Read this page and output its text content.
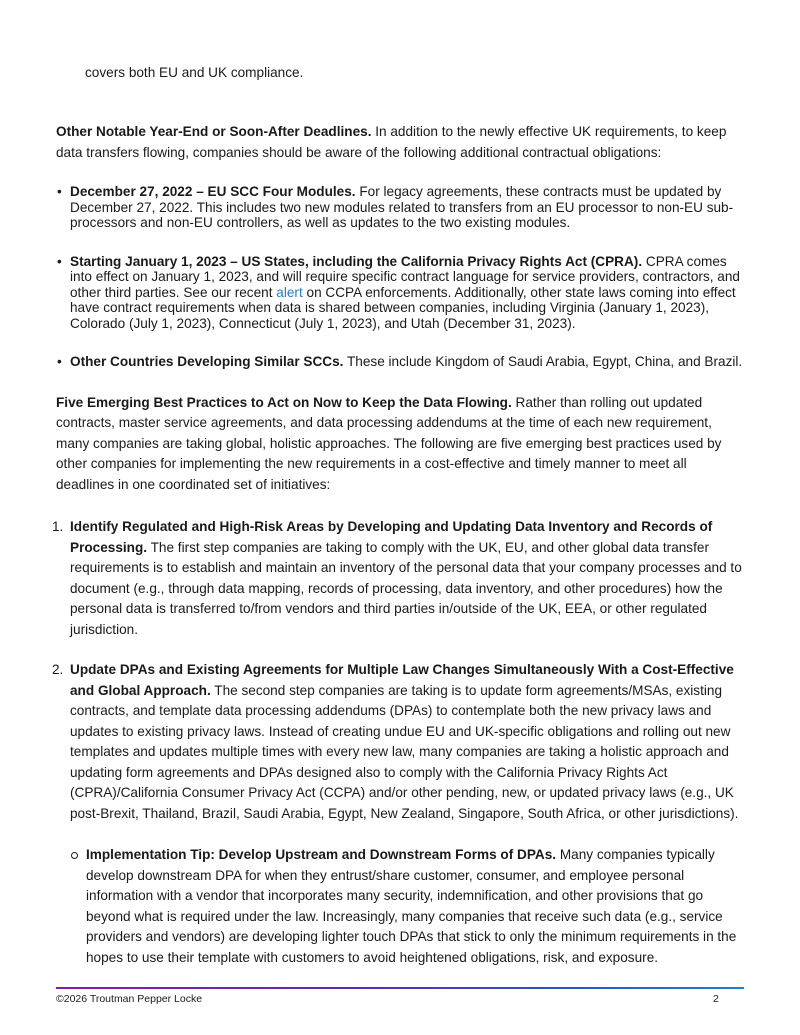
covers both EU and UK compliance.

Other Notable Year-End or Soon-After Deadlines. In addition to the newly effective UK requirements, to keep data transfers flowing, companies should be aware of the following additional contractual obligations:

• December 27, 2022 – EU SCC Four Modules. For legacy agreements, these contracts must be updated by December 27, 2022. This includes two new modules related to transfers from an EU processor to non-EU sub-processors and non-EU controllers, as well as updates to the two existing modules.
• Starting January 1, 2023 – US States, including the California Privacy Rights Act (CPRA). CPRA comes into effect on January 1, 2023, and will require specific contract language for service providers, contractors, and other third parties. See our recent alert on CCPA enforcements. Additionally, other state laws coming into effect have contract requirements when data is shared between companies, including Virginia (January 1, 2023), Colorado (July 1, 2023), Connecticut (July 1, 2023), and Utah (December 31, 2023).
• Other Countries Developing Similar SCCs. These include Kingdom of Saudi Arabia, Egypt, China, and Brazil.

Five Emerging Best Practices to Act on Now to Keep the Data Flowing. Rather than rolling out updated contracts, master service agreements, and data processing addendums at the time of each new requirement, many companies are taking global, holistic approaches. The following are five emerging best practices used by other companies for implementing the new requirements in a cost-effective and timely manner to meet all deadlines in one coordinated set of initiatives:

1. Identify Regulated and High-Risk Areas by Developing and Updating Data Inventory and Records of Processing. The first step companies are taking to comply with the UK, EU, and other global data transfer requirements is to establish and maintain an inventory of the personal data that your company processes and to document (e.g., through data mapping, records of processing, data inventory, and other procedures) how the personal data is transferred to/from vendors and third parties in/outside of the UK, EEA, or other regulated jurisdiction.
2. Update DPAs and Existing Agreements for Multiple Law Changes Simultaneously With a Cost-Effective and Global Approach. The second step companies are taking is to update form agreements/MSAs, existing contracts, and template data processing addendums (DPAs) to contemplate both the new privacy laws and updates to existing privacy laws. Instead of creating undue EU and UK-specific obligations and rolling out new templates and updates multiple times with every new law, many companies are taking a holistic approach and updating form agreements and DPAs designed also to comply with the California Privacy Rights Act (CPRA)/California Consumer Privacy Act (CCPA) and/or other pending, new, or updated privacy laws (e.g., UK post-Brexit, Thailand, Brazil, Saudi Arabia, Egypt, New Zealand, Singapore, South Africa, or other jurisdictions).
Implementation Tip: Develop Upstream and Downstream Forms of DPAs. Many companies typically develop downstream DPA for when they entrust/share customer, consumer, and employee personal information with a vendor that incorporates many security, indemnification, and other provisions that go beyond what is required under the law. Increasingly, many companies that receive such data (e.g., service providers and vendors) are developing lighter touch DPAs that stick to only the minimum requirements in the hopes to use their template with customers to avoid heightened obligations, risk, and exposure.
©2026 Troutman Pepper Locke	2
